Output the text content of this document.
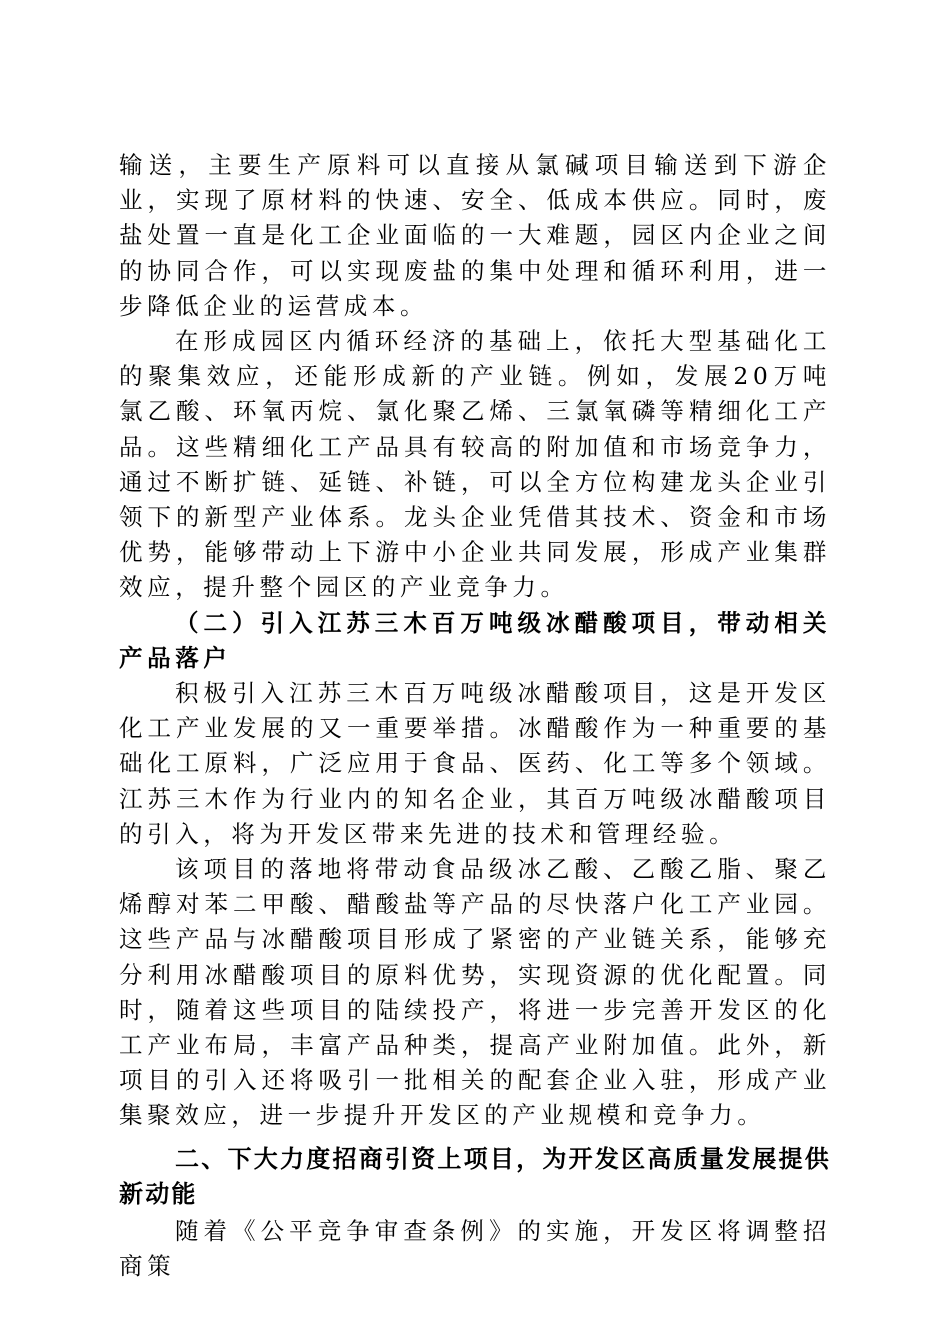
输送，主要生产原料可以直接从氯碱项目输送到下游企业，实现了原材料的快速、安全、低成本供应。同时，废盐处置一直是化工企业面临的一大难题，园区内企业之间的协同合作，可以实现废盐的集中处理和循环利用，进一步降低企业的运营成本。

在形成园区内循环经济的基础上，依托大型基础化工的聚集效应，还能形成新的产业链。例如，发展20万吨氯乙酸、环氧丙烷、氯化聚乙烯、三氯氧磷等精细化工产品。这些精细化工产品具有较高的附加值和市场竞争力，通过不断扩链、延链、补链，可以全方位构建龙头企业引领下的新型产业体系。龙头企业凭借其技术、资金和市场优势，能够带动上下游中小企业共同发展，形成产业集群效应，提升整个园区的产业竞争力。

（二）引入江苏三木百万吨级冰醋酸项目，带动相关产品落户

积极引入江苏三木百万吨级冰醋酸项目，这是开发区化工产业发展的又一重要举措。冰醋酸作为一种重要的基础化工原料，广泛应用于食品、医药、化工等多个领域。江苏三木作为行业内的知名企业，其百万吨级冰醋酸项目的引入，将为开发区带来先进的技术和管理经验。

该项目的落地将带动食品级冰乙酸、乙酸乙脂、聚乙烯醇对苯二甲酸、醋酸盐等产品的尽快落户化工产业园。这些产品与冰醋酸项目形成了紧密的产业链关系，能够充分利用冰醋酸项目的原料优势，实现资源的优化配置。同时，随着这些项目的陆续投产，将进一步完善开发区的化工产业布局，丰富产品种类，提高产业附加值。此外，新项目的引入还将吸引一批相关的配套企业入驻，形成产业集聚效应，进一步提升开发区的产业规模和竞争力。

二、下大力度招商引资上项目，为开发区高质量发展提供新动能

随着《公平竞争审查条例》的实施，开发区将调整招商策
